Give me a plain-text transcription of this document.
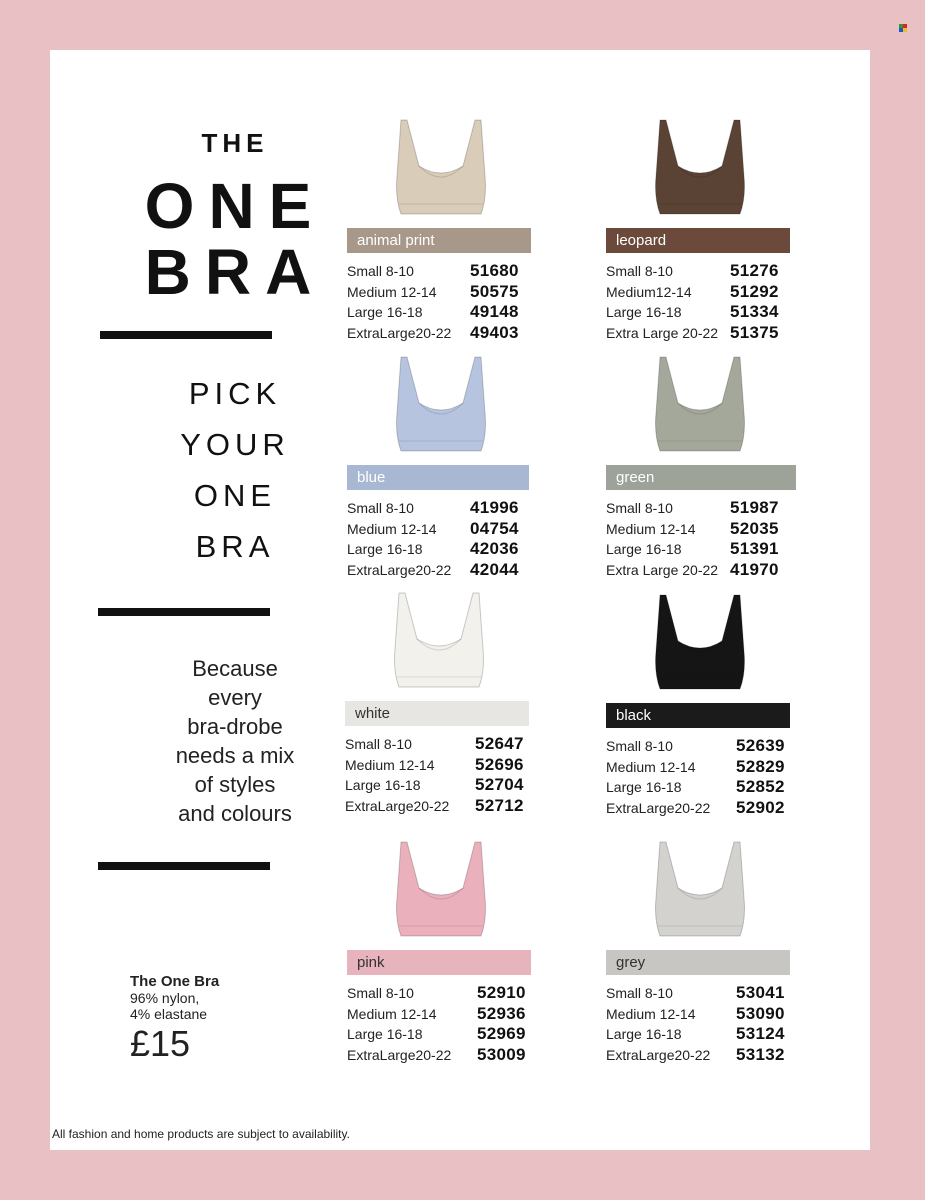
THE
ONE
BRA
PICK
YOUR
ONE
BRA
Because
every
bra-drobe
needs a mix
of styles
and colours
The One Bra
96% nylon,
4% elastane
£15
All fashion and home products are subject to availability.
animal print
Small 8-10	51680
Medium 12-14 50575
Large 16-18	49148
ExtraLarge20-22 49403
leopard
Small 8-10	51276
Medium12-14 51292
Large 16-18	51334
Extra Large 20-22 51375
blue
Small 8-10	41996
Medium 12-14 04754
Large 16-18	42036
ExtraLarge20-22 42044
green
Small 8-10	51987
Medium 12-14 52035
Large 16-18	51391
Extra Large 20-22 41970
white
Small 8-10	52647
Medium 12-14 52696
Large 16-18	52704
ExtraLarge20-22 52712
black
Small 8-10	52639
Medium 12-14 52829
Large 16-18	52852
ExtraLarge20-22 52902
pink
Small 8-10	52910
Medium 12-14 52936
Large 16-18	52969
ExtraLarge20-22 53009
grey
Small 8-10	53041
Medium 12-14 53090
Large 16-18	53124
ExtraLarge20-22 53132
